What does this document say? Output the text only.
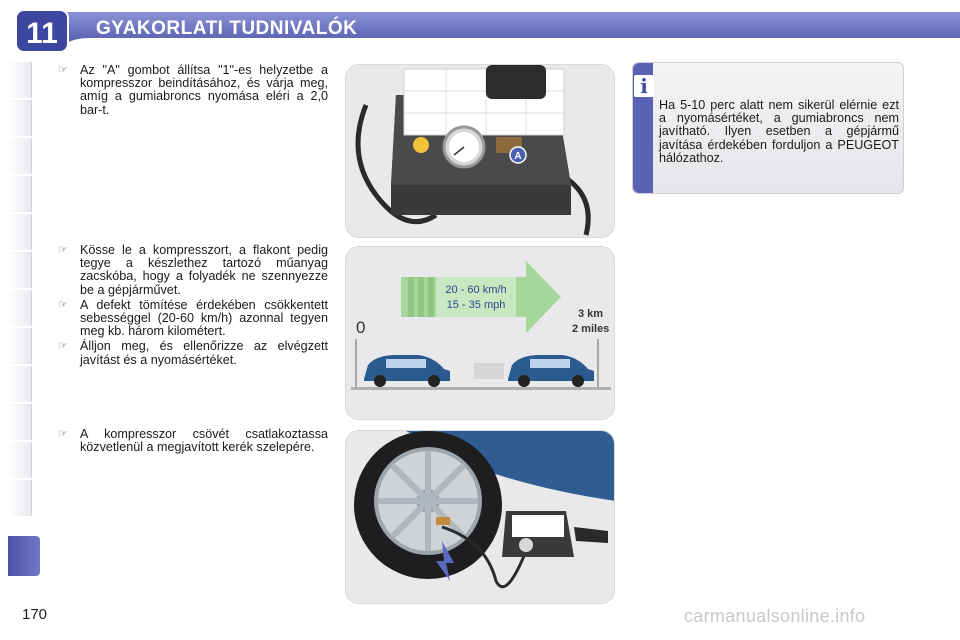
11 GYAKORLATI TUDNIVALÓK
☞ Az "A" gombot állítsa "1"-es helyzetbe a kompresszor beindításához, és várja meg, amíg a gumiabroncs nyomása eléri a 2,0 bar-t.
☞ Kösse le a kompresszort, a flakont pedig tegye a készlethez tartozó műanyag zacskóba, hogy a folyadék ne szennyezze be a gépjárművet.
☞ A defekt tömítése érdekében csökkentett sebességgel (20-60 km/h) azonnal tegyen meg kb. három kilométert.
☞ Álljon meg, és ellenőrizze az elvégzett javítást és a nyomásértéket.
☞ A kompresszor csövét csatlakoztassa közvetlenül a megjavított kerék szelepére.
A
20 - 60 km/h
15 - 35 mph
0
3 km
2 miles
i
Ha 5-10 perc alatt nem sikerül elérnie ezt a nyomásértéket, a gumiabroncs nem javítható. Ilyen esetben a gépjármű javítása érdekében forduljon a PEUGEOT hálózathoz.
170	carmanualsonline.info
